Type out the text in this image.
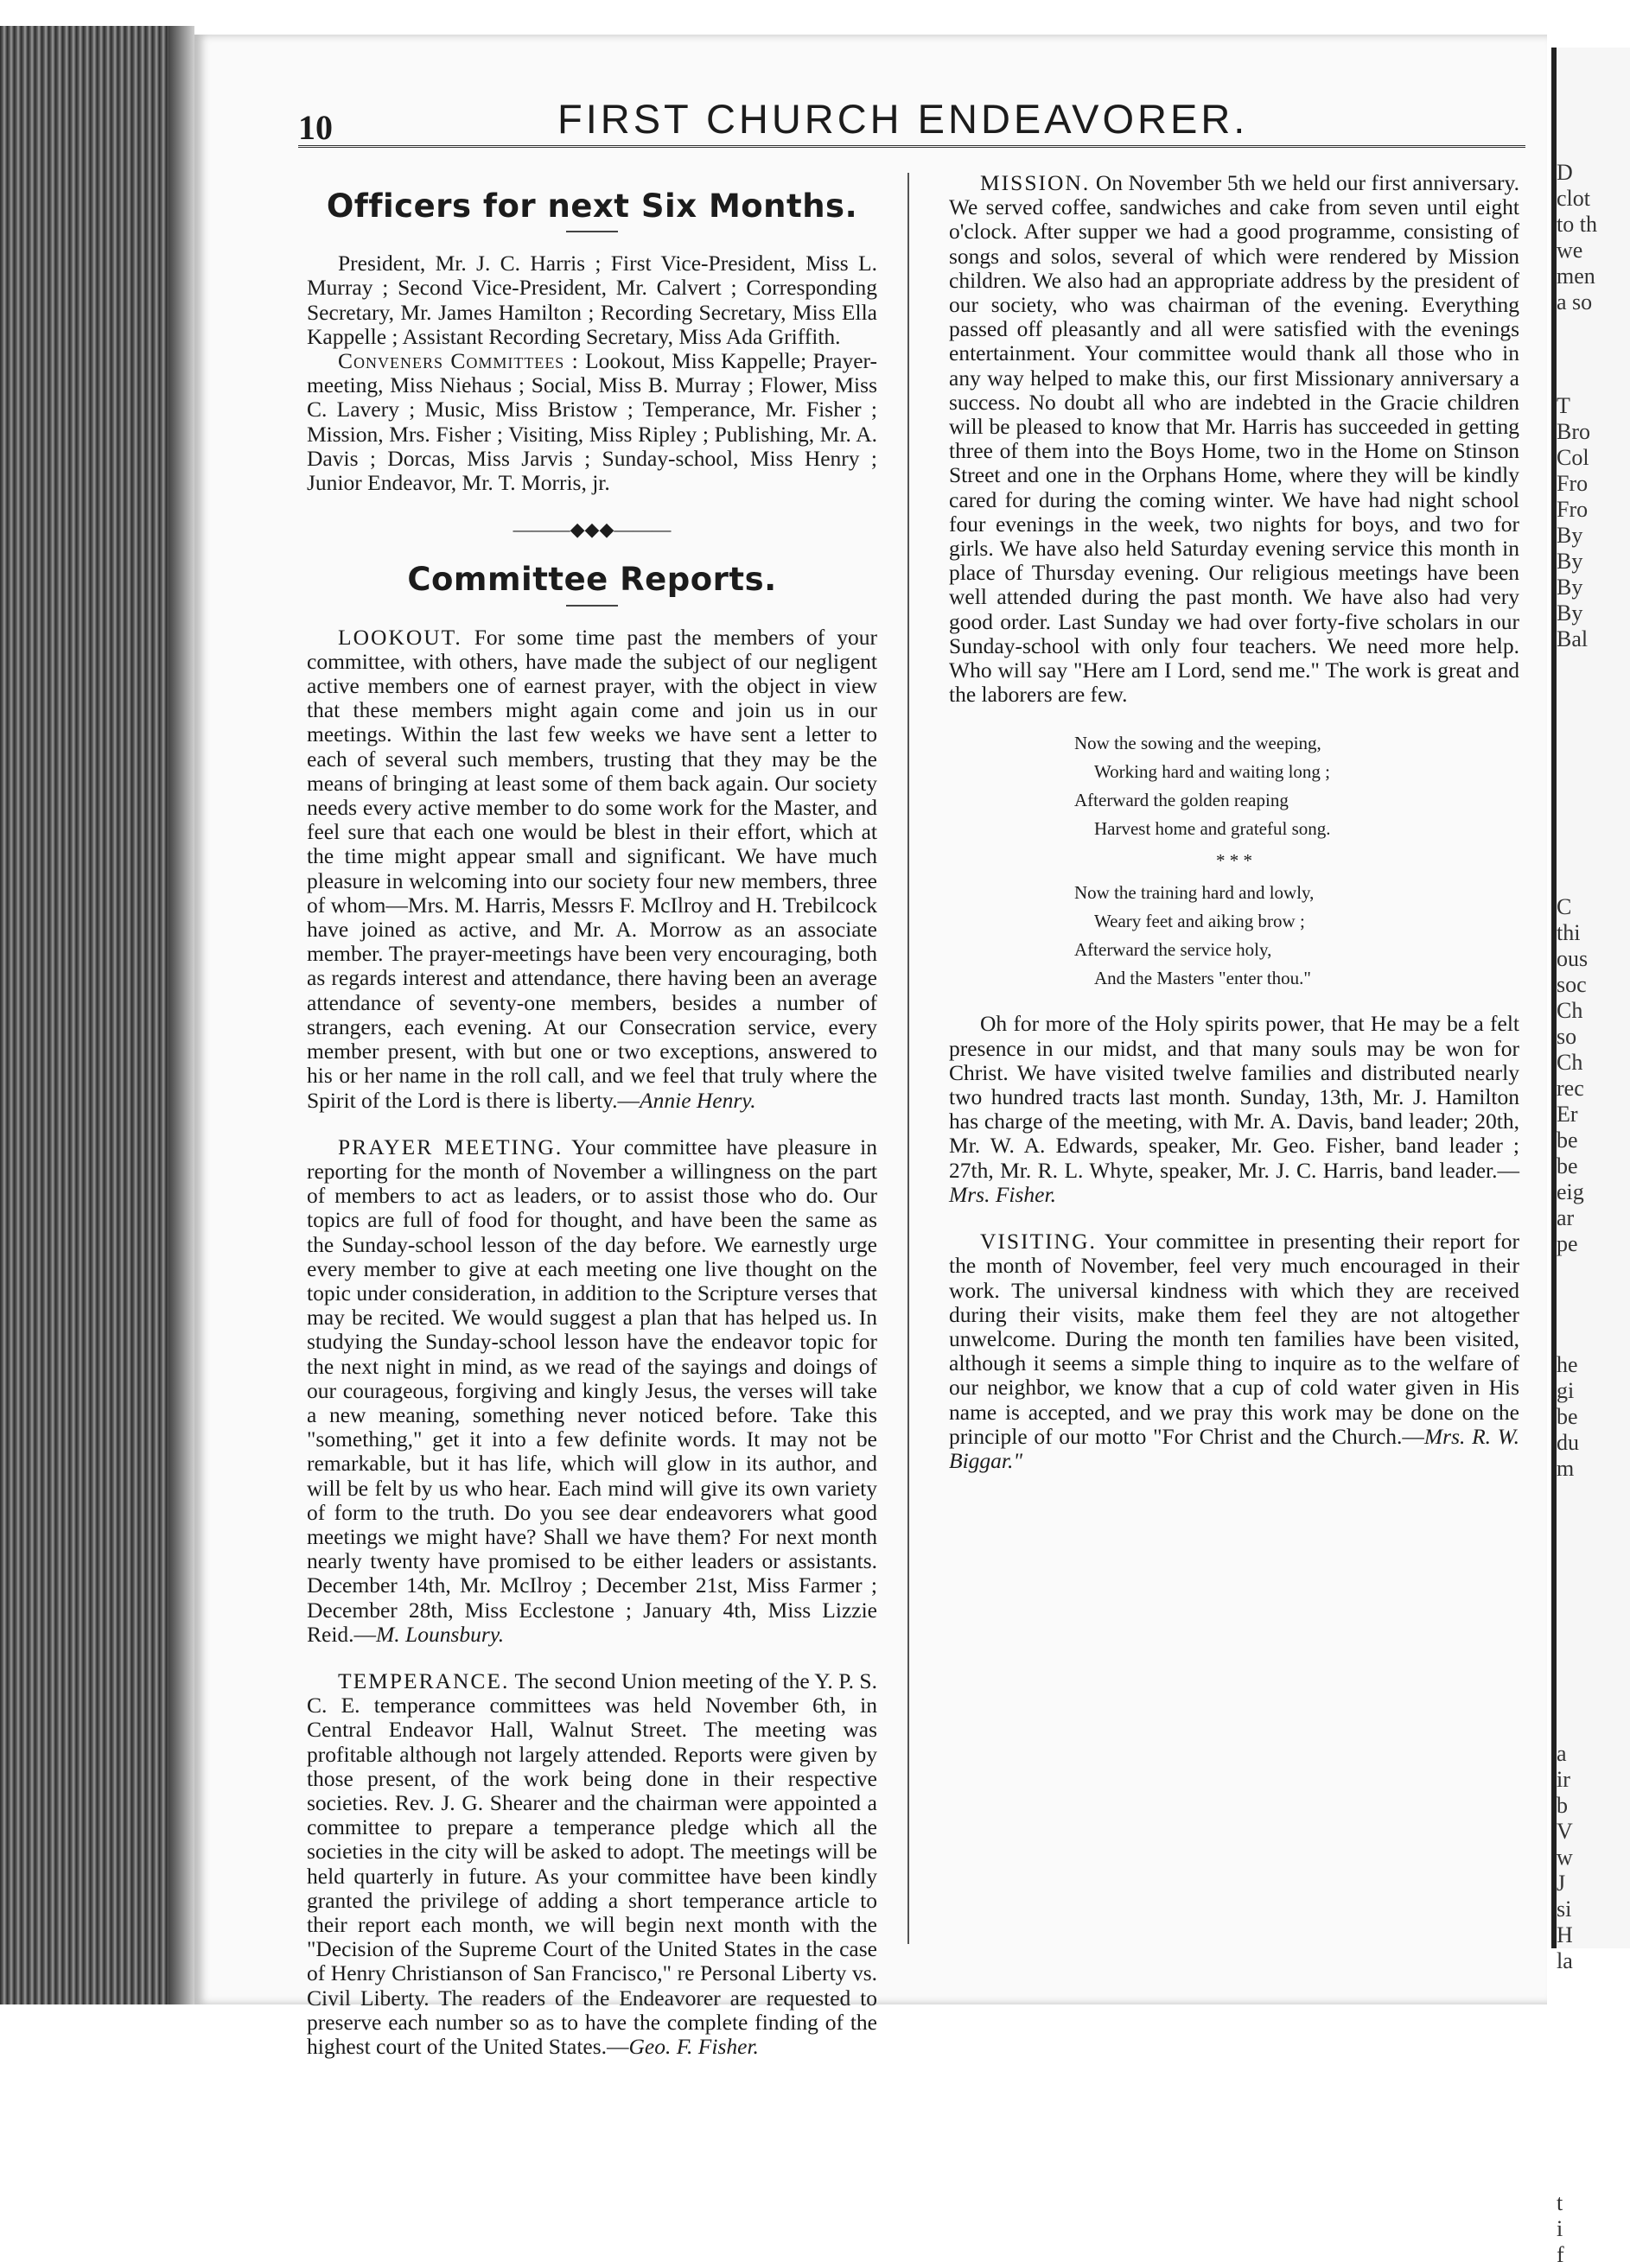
D
clot
to th
we
men
a so
T
Bro
Col
Fro
Fro
By
By
By
By
Bal
C
thi
ous
soc
Ch
so
Ch
rec
Er
be
be
eig
ar
pe
he
gi
be
du
m
a
ir
b
V
w
J
si
H
la
t
i
f
10	FIRST CHURCH ENDEAVORER.
Officers for next Six Months.

President, Mr. J. C. Harris ; First Vice-President, Miss L. Murray ; Second Vice-President, Mr. Calvert ; Corresponding Secretary, Mr. James Hamilton ; Recording Secretary, Miss Ella Kappelle ; Assistant Recording Secretary, Miss Ada Griffith.

Conveners Committees : Lookout, Miss Kappelle; Prayer-meeting, Miss Niehaus ; Social, Miss B. Murray ; Flower, Miss C. Lavery ; Music, Miss Bristow ; Temperance, Mr. Fisher ; Mission, Mrs. Fisher ; Visiting, Miss Ripley ; Publishing, Mr. A. Davis ; Dorcas, Miss Jarvis ; Sunday-school, Miss Henry ; Junior Endeavor, Mr. T. Morris, jr.

———◆◆◆———
Committee Reports.

LOOKOUT. For some time past the members of your committee, with others, have made the subject of our negligent active members one of earnest prayer, with the object in view that these members might again come and join us in our meetings. Within the last few weeks we have sent a letter to each of several such members, trusting that they may be the means of bringing at least some of them back again. Our society needs every active member to do some work for the Master, and feel sure that each one would be blest in their effort, which at the time might appear small and significant. We have much pleasure in welcoming into our society four new members, three of whom—Mrs. M. Harris, Messrs F. McIlroy and H. Trebilcock have joined as active, and Mr. A. Morrow as an associate member. The prayer-meetings have been very encouraging, both as regards interest and attendance, there having been an average attendance of seventy-one members, besides a number of strangers, each evening. At our Consecration service, every member present, with but one or two exceptions, answered to his or her name in the roll call, and we feel that truly where the Spirit of the Lord is there is liberty.—Annie Henry.

PRAYER MEETING. Your committee have pleasure in reporting for the month of November a willingness on the part of members to act as leaders, or to assist those who do. Our topics are full of food for thought, and have been the same as the Sunday-school lesson of the day before. We earnestly urge every member to give at each meeting one live thought on the topic under consideration, in addition to the Scripture verses that may be recited. We would suggest a plan that has helped us. In studying the Sunday-school lesson have the endeavor topic for the next night in mind, as we read of the sayings and doings of our courageous, forgiving and kingly Jesus, the verses will take a new meaning, something never noticed before. Take this "something," get it into a few definite words. It may not be remarkable, but it has life, which will glow in its author, and will be felt by us who hear. Each mind will give its own variety of form to the truth. Do you see dear endeavorers what good meetings we might have? Shall we have them? For next month nearly twenty have promised to be either leaders or assistants. December 14th, Mr. McIlroy ; December 21st, Miss Farmer ; December 28th, Miss Ecclestone ; January 4th, Miss Lizzie Reid.—M. Lounsbury.

TEMPERANCE. The second Union meeting of the Y. P. S. C. E. temperance committees was held November 6th, in Central Endeavor Hall, Walnut Street. The meeting was profitable although not largely attended. Reports were given by those present, of the work being done in their respective societies. Rev. J. G. Shearer and the chairman were appointed a committee to prepare a temperance pledge which all the societies in the city will be asked to adopt. The meetings will be held quarterly in future. As your committee have been kindly granted the privilege of adding a short temperance article to their report each month, we will begin next month with the "Decision of the Supreme Court of the United States in the case of Henry Christianson of San Francisco," re Personal Liberty vs. Civil Liberty. The readers of the Endeavorer are requested to preserve each number so as to have the complete finding of the highest court of the United States.—Geo. F. Fisher.

MISSION. On November 5th we held our first anniversary. We served coffee, sandwiches and cake from seven until eight o'clock. After supper we had a good programme, consisting of songs and solos, several of which were rendered by Mission children. We also had an appropriate address by the president of our society, who was chairman of the evening. Everything passed off pleasantly and all were satisfied with the evenings entertainment. Your committee would thank all those who in any way helped to make this, our first Missionary anniversary a success. No doubt all who are indebted in the Gracie children will be pleased to know that Mr. Harris has succeeded in getting three of them into the Boys Home, two in the Home on Stinson Street and one in the Orphans Home, where they will be kindly cared for during the coming winter. We have had night school four evenings in the week, two nights for boys, and two for girls. We have also held Saturday evening service this month in place of Thursday evening. Our religious meetings have been well attended during the past month. We have also had very good order. Last Sunday we had over forty-five scholars in our Sunday-school with only four teachers. We need more help. Who will say "Here am I Lord, send me." The work is great and the laborers are few.

Now the sowing and the weeping,
Working hard and waiting long ;
Afterward the golden reaping
Harvest home and grateful song.
* * *
Now the training hard and lowly,
Weary feet and aiking brow ;
Afterward the service holy,
And the Masters "enter thou."

Oh for more of the Holy spirits power, that He may be a felt presence in our midst, and that many souls may be won for Christ. We have visited twelve families and distributed nearly two hundred tracts last month. Sunday, 13th, Mr. J. Hamilton has charge of the meeting, with Mr. A. Davis, band leader; 20th, Mr. W. A. Edwards, speaker, Mr. Geo. Fisher, band leader ; 27th, Mr. R. L. Whyte, speaker, Mr. J. C. Harris, band leader.—Mrs. Fisher.

VISITING. Your committee in presenting their report for the month of November, feel very much encouraged in their work. The universal kindness with which they are received during their visits, make them feel they are not altogether unwelcome. During the month ten families have been visited, although it seems a simple thing to inquire as to the welfare of our neighbor, we know that a cup of cold water given in His name is accepted, and we pray this work may be done on the principle of our motto "For Christ and the Church.—Mrs. R. W. Biggar."
